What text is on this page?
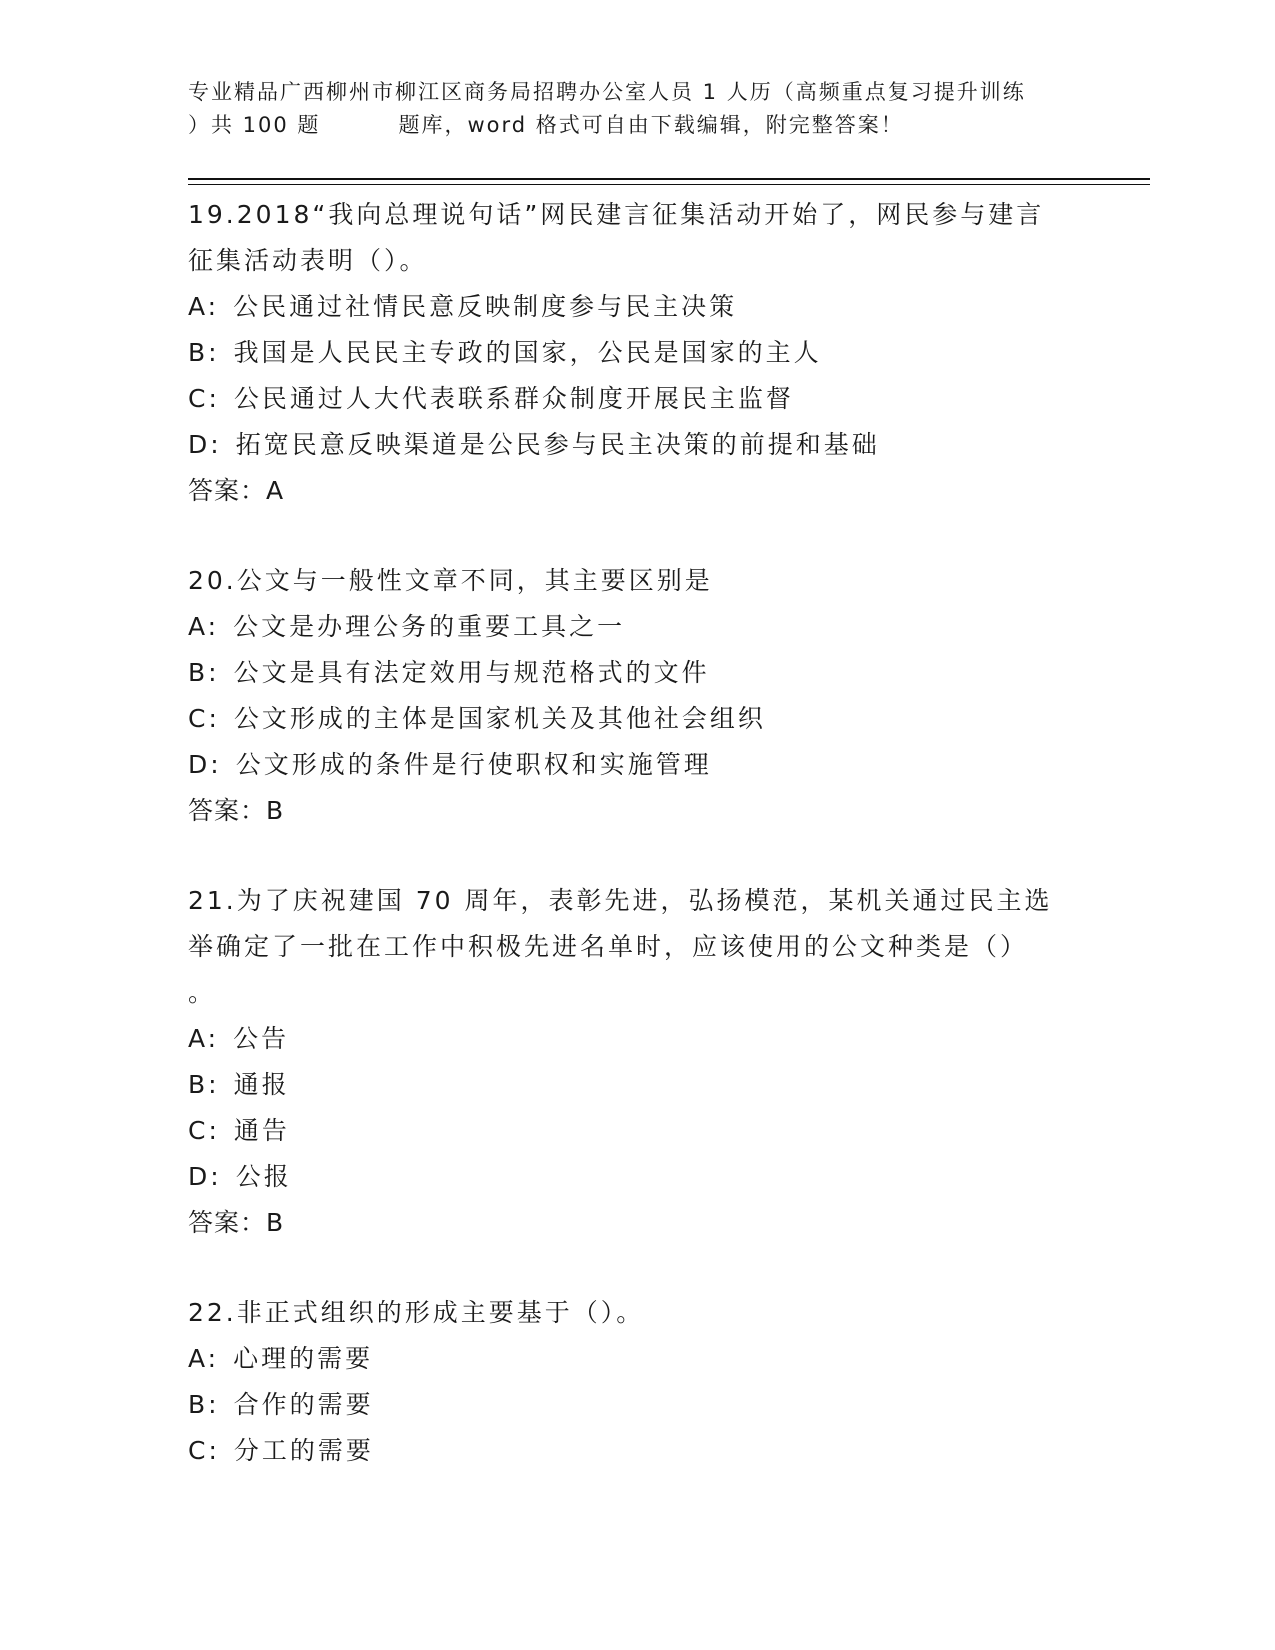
专业精品广西柳州市柳江区商务局招聘办公室人员 1 人历（高频重点复习提升训练
）共 100 题         题库，word 格式可自由下载编辑，附完整答案！
19.2018“我向总理说句话”网民建言征集活动开始了，网民参与建言
征集活动表明（）。
A: 公民通过社情民意反映制度参与民主决策
B: 我国是人民民主专政的国家，公民是国家的主人
C: 公民通过人大代表联系群众制度开展民主监督
D: 拓宽民意反映渠道是公民参与民主决策的前提和基础
答案：A
20.公文与一般性文章不同，其主要区别是
A: 公文是办理公务的重要工具之一
B: 公文是具有法定效用与规范格式的文件
C: 公文形成的主体是国家机关及其他社会组织
D: 公文形成的条件是行使职权和实施管理
答案：B
21.为了庆祝建国 70 周年，表彰先进，弘扬模范，某机关通过民主选
举确定了一批在工作中积极先进名单时，应该使用的公文种类是（）
。
A: 公告
B: 通报
C: 通告
D: 公报
答案：B
22.非正式组织的形成主要基于（）。
A: 心理的需要
B: 合作的需要
C: 分工的需要
